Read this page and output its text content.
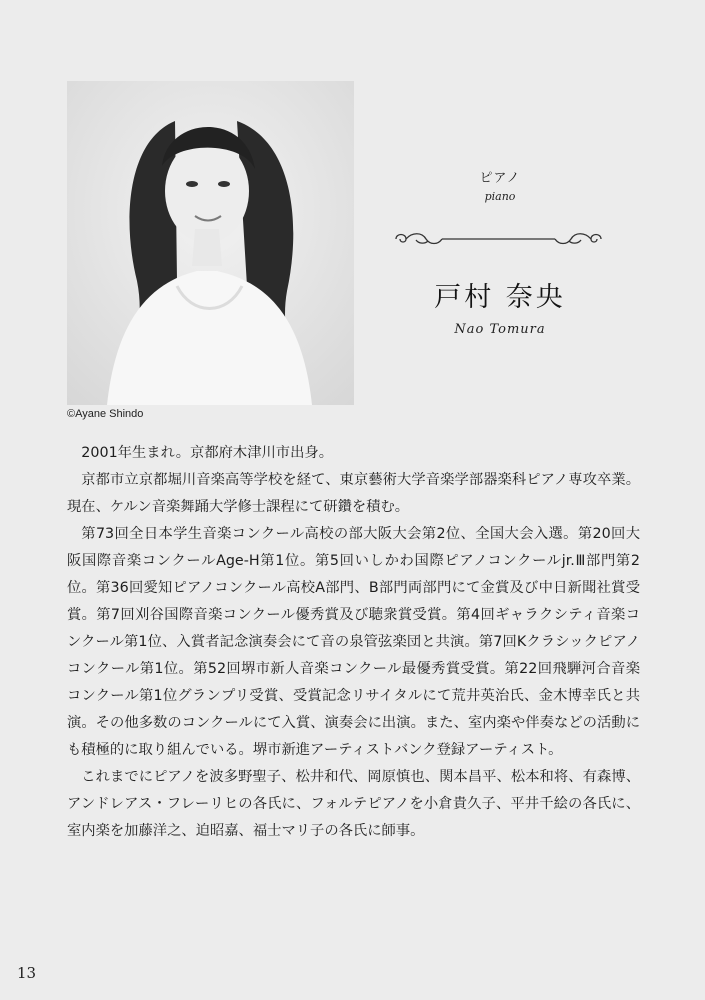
©Ayane Shindo
ピアノ
piano
戸村 奈央
Nao Tomura

2001年生まれ。京都府木津川市出身。

京都市立京都堀川音楽高等学校を経て、東京藝術大学音楽学部器楽科ピアノ専攻卒業。現在、ケルン音楽舞踊大学修士課程にて研鑽を積む。

第73回全日本学生音楽コンクール高校の部大阪大会第2位、全国大会入選。第20回大阪国際音楽コンクールAge-H第1位。第5回いしかわ国際ピアノコンクールjr.Ⅲ部門第2位。第36回愛知ピアノコンクール高校A部門、B部門両部門にて金賞及び中日新聞社賞受賞。第7回刈谷国際音楽コンクール優秀賞及び聴衆賞受賞。第4回ギャラクシティ音楽コンクール第1位、入賞者記念演奏会にて音の泉管弦楽団と共演。第7回Kクラシックピアノコンクール第1位。第52回堺市新人音楽コンクール最優秀賞受賞。第22回飛騨河合音楽コンクール第1位グランプリ受賞、受賞記念リサイタルにて荒井英治氏、金木博幸氏と共演。その他多数のコンクールにて入賞、演奏会に出演。また、室内楽や伴奏などの活動にも積極的に取り組んでいる。堺市新進アーティストバンク登録アーティスト。

これまでにピアノを波多野聖子、松井和代、岡原慎也、関本昌平、松本和将、有森博、アンドレアス・フレーリヒの各氏に、フォルテピアノを小倉貴久子、平井千絵の各氏に、室内楽を加藤洋之、迫昭嘉、福士マリ子の各氏に師事。

13
